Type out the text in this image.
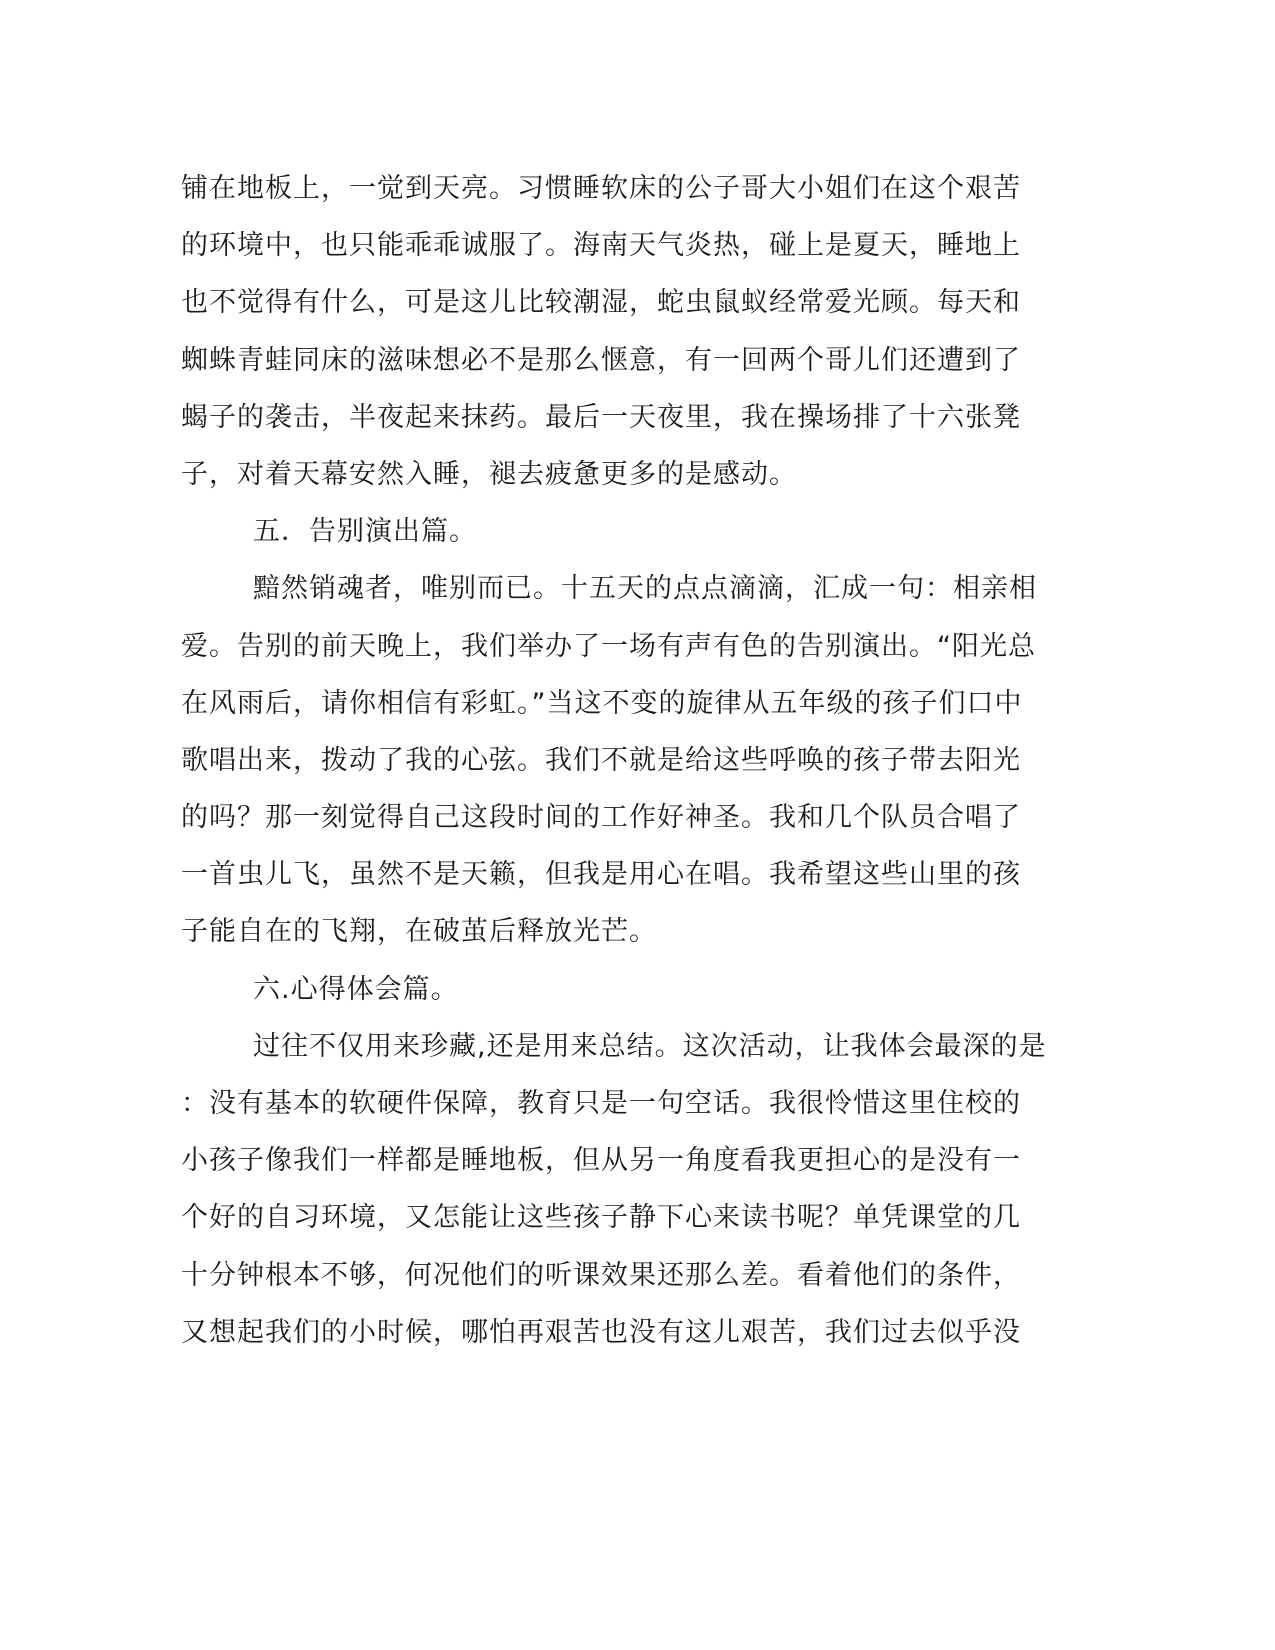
铺在地板上，一觉到天亮。习惯睡软床的公子哥大小姐们在这个艰苦
的环境中，也只能乖乖诚服了。海南天气炎热，碰上是夏天，睡地上
也不觉得有什么，可是这儿比较潮湿，蛇虫鼠蚁经常爱光顾。每天和
蜘蛛青蛙同床的滋味想必不是那么惬意，有一回两个哥儿们还遭到了
蝎子的袭击，半夜起来抹药。最后一天夜里，我在操场排了十六张凳
子，对着天幕安然入睡，褪去疲惫更多的是感动。
五．告别演出篇。
黯然销魂者，唯别而已。十五天的点点滴滴，汇成一句：相亲相
爱。告别的前天晚上，我们举办了一场有声有色的告别演出。“阳光总
在风雨后，请你相信有彩虹。”当这不变的旋律从五年级的孩子们口中
歌唱出来，拨动了我的心弦。我们不就是给这些呼唤的孩子带去阳光
的吗？那一刻觉得自己这段时间的工作好神圣。我和几个队员合唱了
一首虫儿飞，虽然不是天籁，但我是用心在唱。我希望这些山里的孩
子能自在的飞翔，在破茧后释放光芒。
六.心得体会篇。
过往不仅用来珍藏,还是用来总结。这次活动，让我体会最深的是
：没有基本的软硬件保障，教育只是一句空话。我很怜惜这里住校的
小孩子像我们一样都是睡地板，但从另一角度看我更担心的是没有一
个好的自习环境，又怎能让这些孩子静下心来读书呢？单凭课堂的几
十分钟根本不够，何况他们的听课效果还那么差。看着他们的条件，
又想起我们的小时候，哪怕再艰苦也没有这儿艰苦，我们过去似乎没
